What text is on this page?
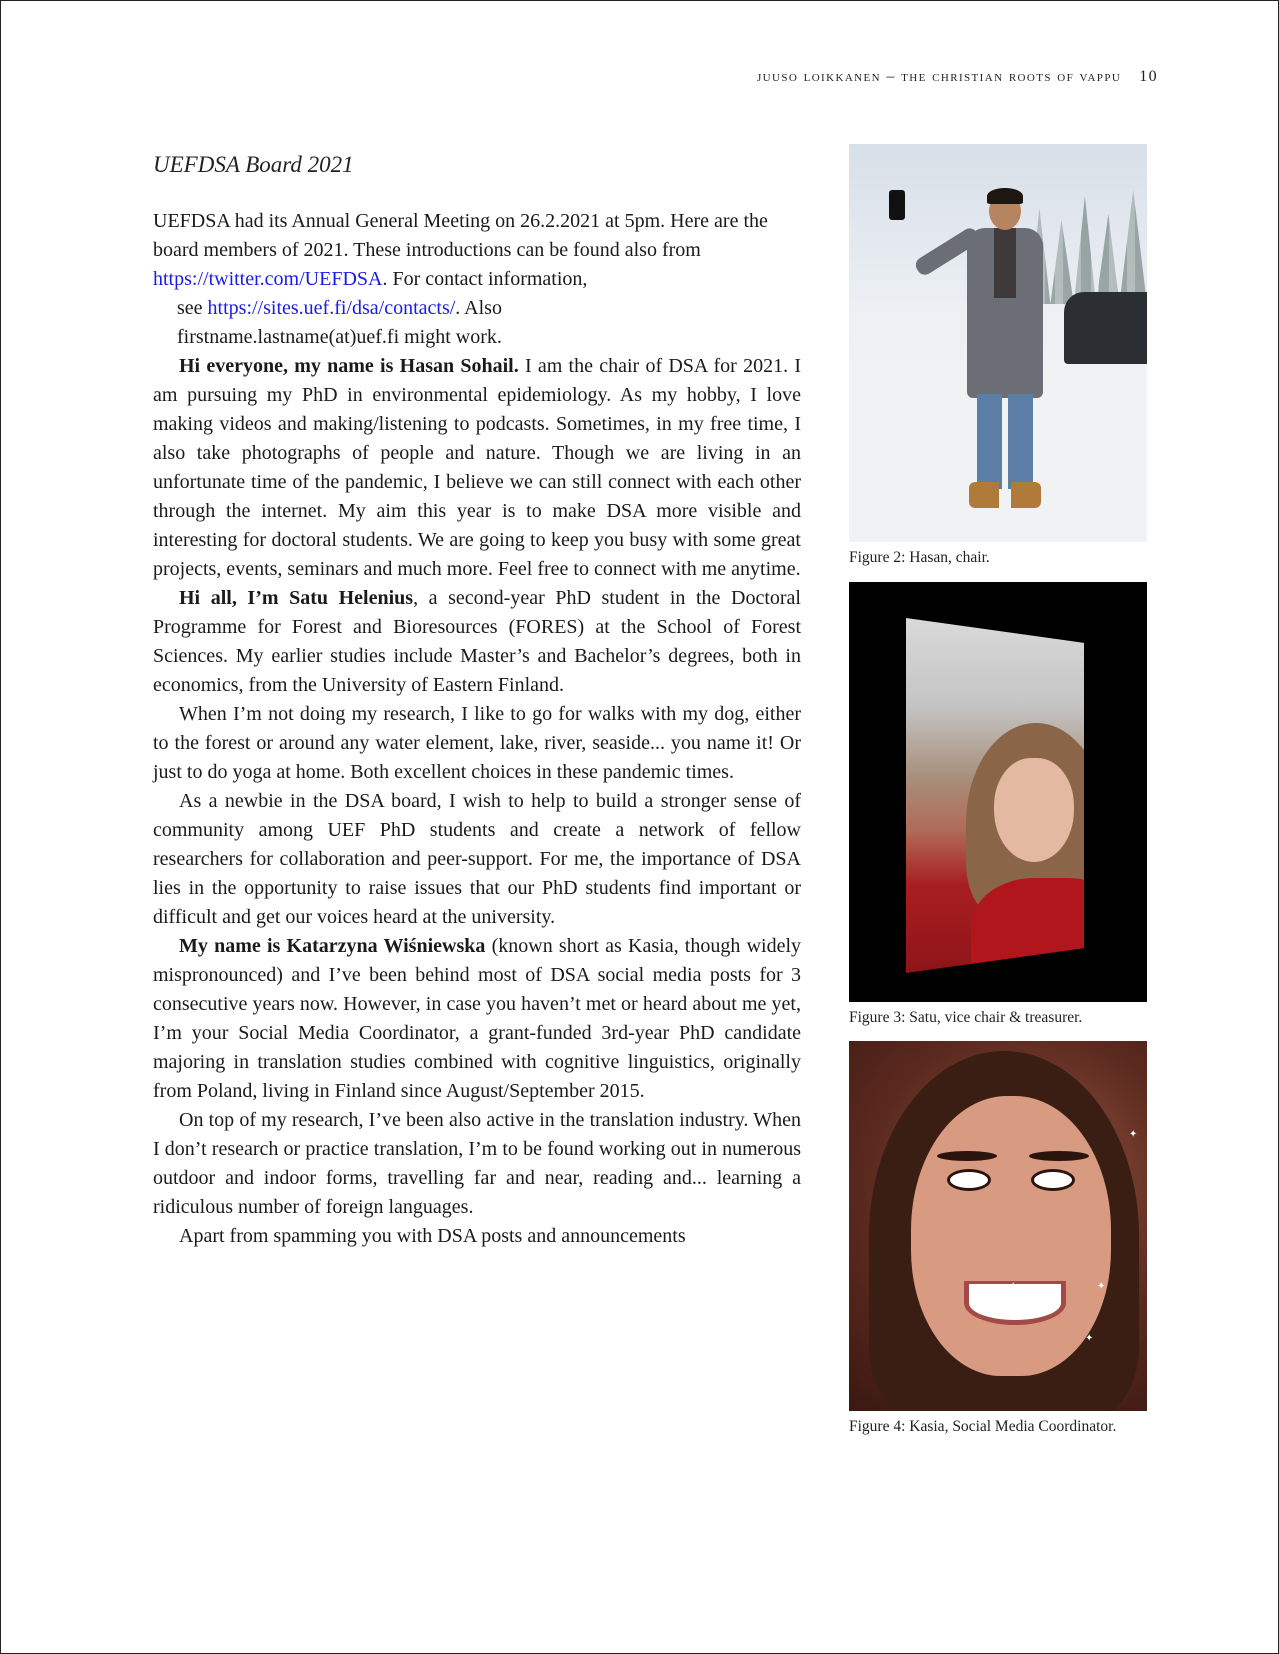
juuso loikkanen – the christian roots of vappu 10
UEFDSA Board 2021

UEFDSA had its Annual General Meeting on 26.2.2021 at 5pm. Here are the board members of 2021. These introductions can be found also from https://twitter.com/UEFDSA. For contact information,

see https://sites.uef.fi/dsa/contacts/. Also

firstname.lastname(at)uef.fi might work.

Hi everyone, my name is Hasan Sohail. I am the chair of DSA for 2021. I am pursuing my PhD in environmental epidemiology. As my hobby, I love making videos and making/listening to podcasts. Sometimes, in my free time, I also take photographs of people and nature. Though we are living in an unfortunate time of the pandemic, I believe we can still connect with each other through the internet. My aim this year is to make DSA more visible and interesting for doctoral students. We are going to keep you busy with some great projects, events, seminars and much more. Feel free to connect with me anytime.

Hi all, I’m Satu Helenius, a second-year PhD student in the Doctoral Programme for Forest and Bioresources (FORES) at the School of Forest Sciences. My earlier studies include Master’s and Bachelor’s degrees, both in economics, from the University of Eastern Finland.

When I’m not doing my research, I like to go for walks with my dog, either to the forest or around any water element, lake, river, seaside... you name it! Or just to do yoga at home. Both excellent choices in these pandemic times.

As a newbie in the DSA board, I wish to help to build a stronger sense of community among UEF PhD students and create a network of fellow researchers for collaboration and peer-support. For me, the importance of DSA lies in the opportunity to raise issues that our PhD students find important or difficult and get our voices heard at the university.

My name is Katarzyna Wiśniewska (known short as Kasia, though widely mispronounced) and I’ve been behind most of DSA social media posts for 3 consecutive years now. However, in case you haven’t met or heard about me yet, I’m your Social Media Coordinator, a grant-funded 3rd-year PhD candidate majoring in translation studies combined with cognitive linguistics, originally from Poland, living in Finland since August/September 2015.

On top of my research, I’ve been also active in the translation industry. When I don’t research or practice translation, I’m to be found working out in numerous outdoor and indoor forms, travelling far and near, reading and... learning a ridiculous number of foreign languages.

Apart from spamming you with DSA posts and announcements

Figure 2: Hasan, chair.
Figure 3: Satu, vice chair & treasurer.
✦
✦
✦
✦
Figure 4: Kasia, Social Media Coordinator.
